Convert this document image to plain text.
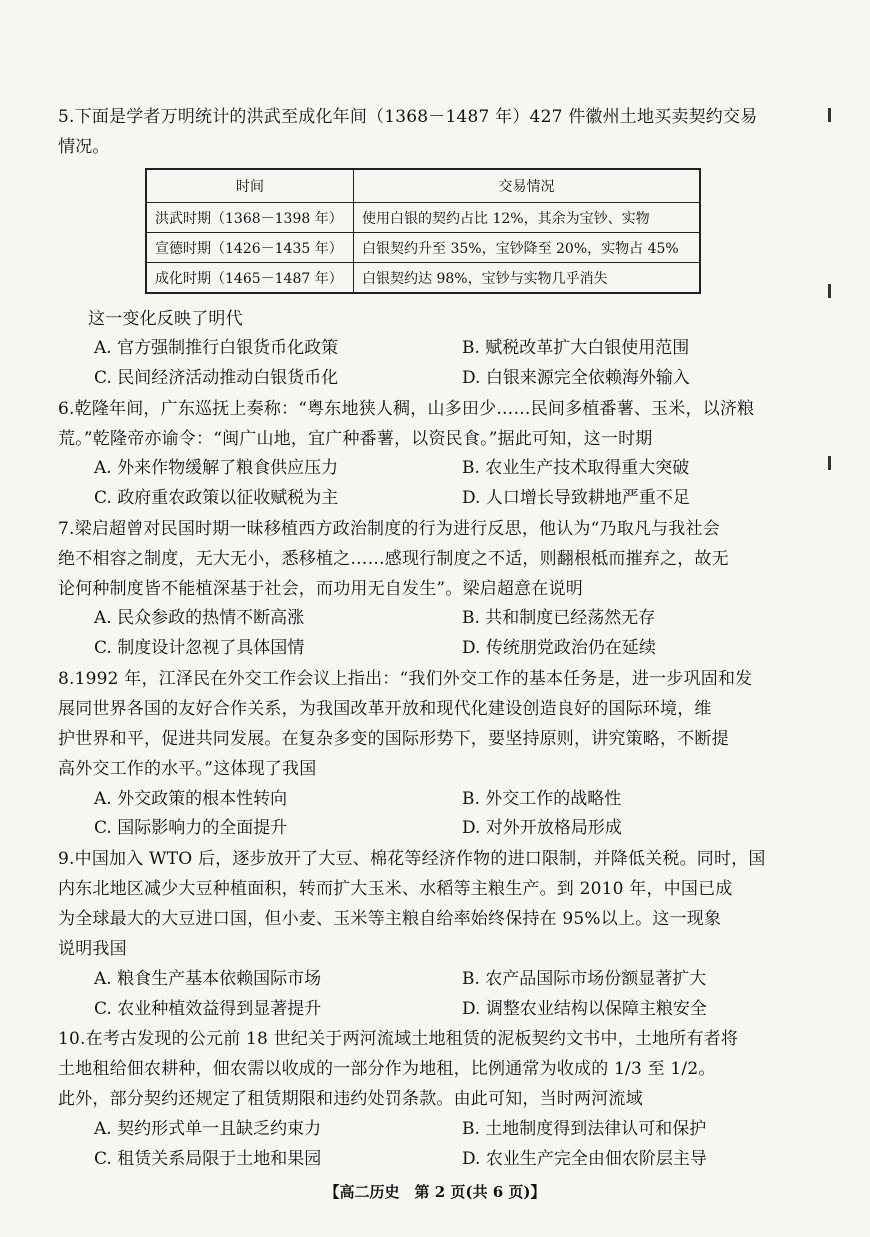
5.下面是学者万明统计的洪武至成化年间（1368－1487 年）427 件徽州土地买卖契约交易
情况。
时间	交易情况
洪武时期（1368－1398 年）	使用白银的契约占比 12%，其余为宝钞、实物
宣德时期（1426－1435 年）	白银契约升至 35%，宝钞降至 20%，实物占 45%
成化时期（1465－1487 年）	白银契约达 98%，宝钞与实物几乎消失
这一变化反映了明代
A. 官方强制推行白银货币化政策	B. 赋税改革扩大白银使用范围
C. 民间经济活动推动白银货币化	D. 白银来源完全依赖海外输入
6.乾隆年间，广东巡抚上奏称：“粤东地狭人稠，山多田少……民间多植番薯、玉米，以济粮
荒。”乾隆帝亦谕令：“闽广山地，宜广种番薯，以资民食。”据此可知，这一时期
A. 外来作物缓解了粮食供应压力	B. 农业生产技术取得重大突破
C. 政府重农政策以征收赋税为主	D. 人口增长导致耕地严重不足
7.梁启超曾对民国时期一昧移植西方政治制度的行为进行反思，他认为“乃取凡与我社会
绝不相容之制度，无大无小，悉移植之……感现行制度之不适，则翻根柢而摧弃之，故无
论何种制度皆不能植深基于社会，而功用无自发生”。梁启超意在说明
A. 民众参政的热情不断高涨	B. 共和制度已经荡然无存
C. 制度设计忽视了具体国情	D. 传统朋党政治仍在延续
8.1992 年，江泽民在外交工作会议上指出：“我们外交工作的基本任务是，进一步巩固和发
展同世界各国的友好合作关系，为我国改革开放和现代化建设创造良好的国际环境，维
护世界和平，促进共同发展。在复杂多变的国际形势下，要坚持原则，讲究策略，不断提
高外交工作的水平。”这体现了我国
A. 外交政策的根本性转向	B. 外交工作的战略性
C. 国际影响力的全面提升	D. 对外开放格局形成
9.中国加入 WTO 后，逐步放开了大豆、棉花等经济作物的进口限制，并降低关税。同时，国
内东北地区减少大豆种植面积，转而扩大玉米、水稻等主粮生产。到 2010 年，中国已成
为全球最大的大豆进口国，但小麦、玉米等主粮自给率始终保持在 95%以上。这一现象
说明我国
A. 粮食生产基本依赖国际市场	B. 农产品国际市场份额显著扩大
C. 农业种植效益得到显著提升	D. 调整农业结构以保障主粮安全
10.在考古发现的公元前 18 世纪关于两河流域土地租赁的泥板契约文书中，土地所有者将
土地租给佃农耕种，佃农需以收成的一部分作为地租，比例通常为收成的 1/3 至 1/2。
此外，部分契约还规定了租赁期限和违约处罚条款。由此可知，当时两河流域
A. 契约形式单一且缺乏约束力	B. 土地制度得到法律认可和保护
C. 租赁关系局限于土地和果园	D. 农业生产完全由佃农阶层主导
【高二历史　第 2 页(共 6 页)】
